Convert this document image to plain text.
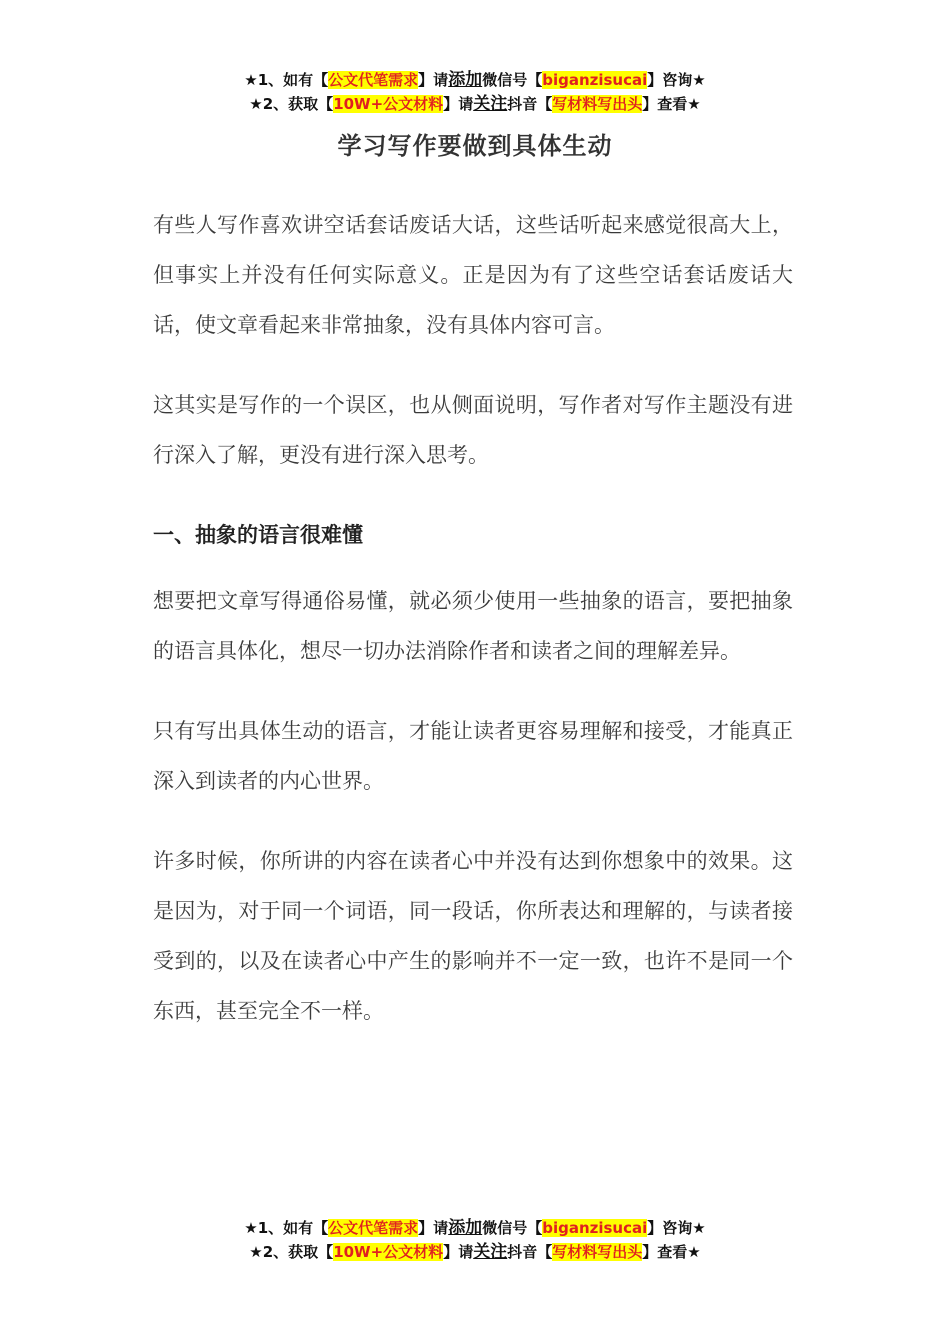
★1、如有【公文代笔需求】请添加微信号【biganzisucai】咨询★
★2、获取【10W+公文材料】请关注抖音【写材料写出头】查看★
学习写作要做到具体生动

有些人写作喜欢讲空话套话废话大话，这些话听起来感觉很高大上，但事实上并没有任何实际意义。正是因为有了这些空话套话废话大话，使文章看起来非常抽象，没有具体内容可言。

这其实是写作的一个误区，也从侧面说明，写作者对写作主题没有进行深入了解，更没有进行深入思考。

一、抽象的语言很难懂

想要把文章写得通俗易懂，就必须少使用一些抽象的语言，要把抽象的语言具体化，想尽一切办法消除作者和读者之间的理解差异。

只有写出具体生动的语言，才能让读者更容易理解和接受，才能真正深入到读者的内心世界。

许多时候，你所讲的内容在读者心中并没有达到你想象中的效果。这是因为，对于同一个词语，同一段话，你所表达和理解的，与读者接受到的，以及在读者心中产生的影响并不一定一致，也许不是同一个东西，甚至完全不一样。

★1、如有【公文代笔需求】请添加微信号【biganzisucai】咨询★
★2、获取【10W+公文材料】请关注抖音【写材料写出头】查看★
